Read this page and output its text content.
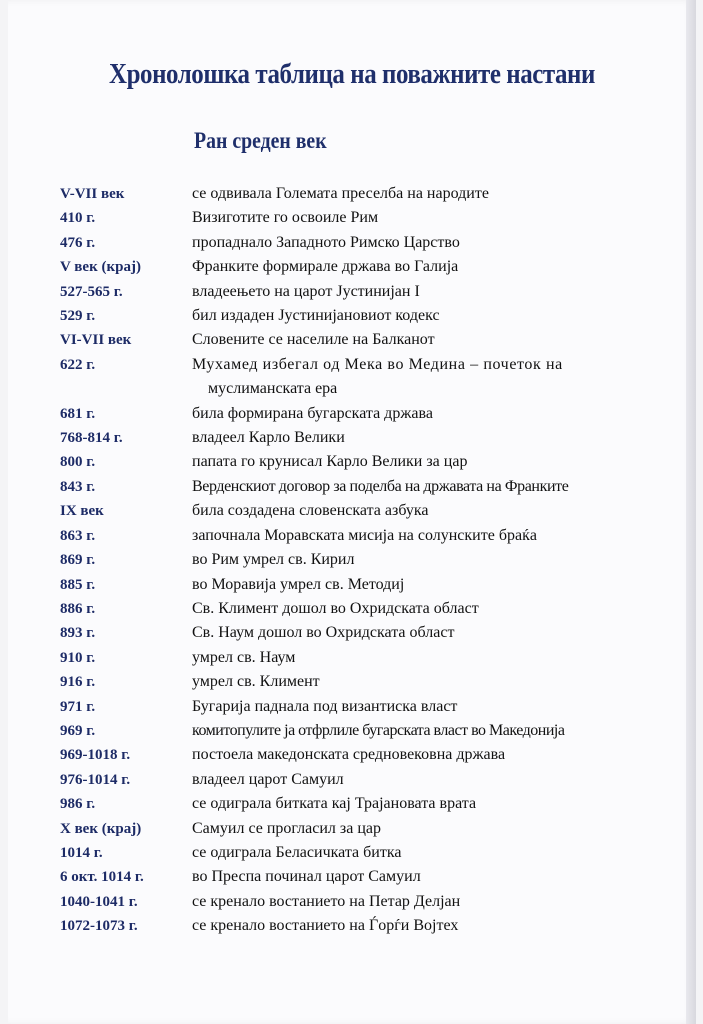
Хронолошка таблица на поважните настани
Ран среден век
V-VII век	се одвивала Големата преселба на народите
410 г.	Визиготите го освоиле Рим
476 г.	пропаднало Западното Римско Царство
V век (крај)	Франките формирале држава во Галија
527-565 г.	владеењето на царот Јустинијан I
529 г.	бил издаден Јустинијановиот кодекс
VI-VII век	Словените се населиле на Балканот
622 г.	Мухамед избегал од Мека во Медина – почеток на
муслиманската ера
681 г.	била формирана бугарската држава
768-814 г.	владеел Карло Велики
800 г.	папата го крунисал Карло Велики за цар
843 г.	Верденскиот договор за поделба на државата на Франките
IX век	била создадена словенската азбука
863 г.	започнала Моравската мисија на солунските браќа
869 г.	во Рим умрел св. Кирил
885 г.	во Моравија умрел св. Методиј
886 г.	Св. Климент дошол во Охридската област
893 г.	Св. Наум дошол во Охридската област
910 г.	умрел св. Наум
916 г.	умрел св. Климент
971 г.	Бугарија паднала под византиска власт
969 г.	комитопулите ја отфрлиле бугарската власт во Македонија
969-1018 г.	постоела македонската средновековна држава
976-1014 г.	владеел царот Самуил
986 г.	се одиграла битката кај Трајановата врата
X век (крај)	Самуил се прогласил за цар
1014 г.	се одиграла Беласичката битка
6 окт. 1014 г.	во Преспа починал царот Самуил
1040-1041 г.	се кренало востанието на Петар Делјан
1072-1073 г.	се кренало востанието на Ѓорѓи Војтех
